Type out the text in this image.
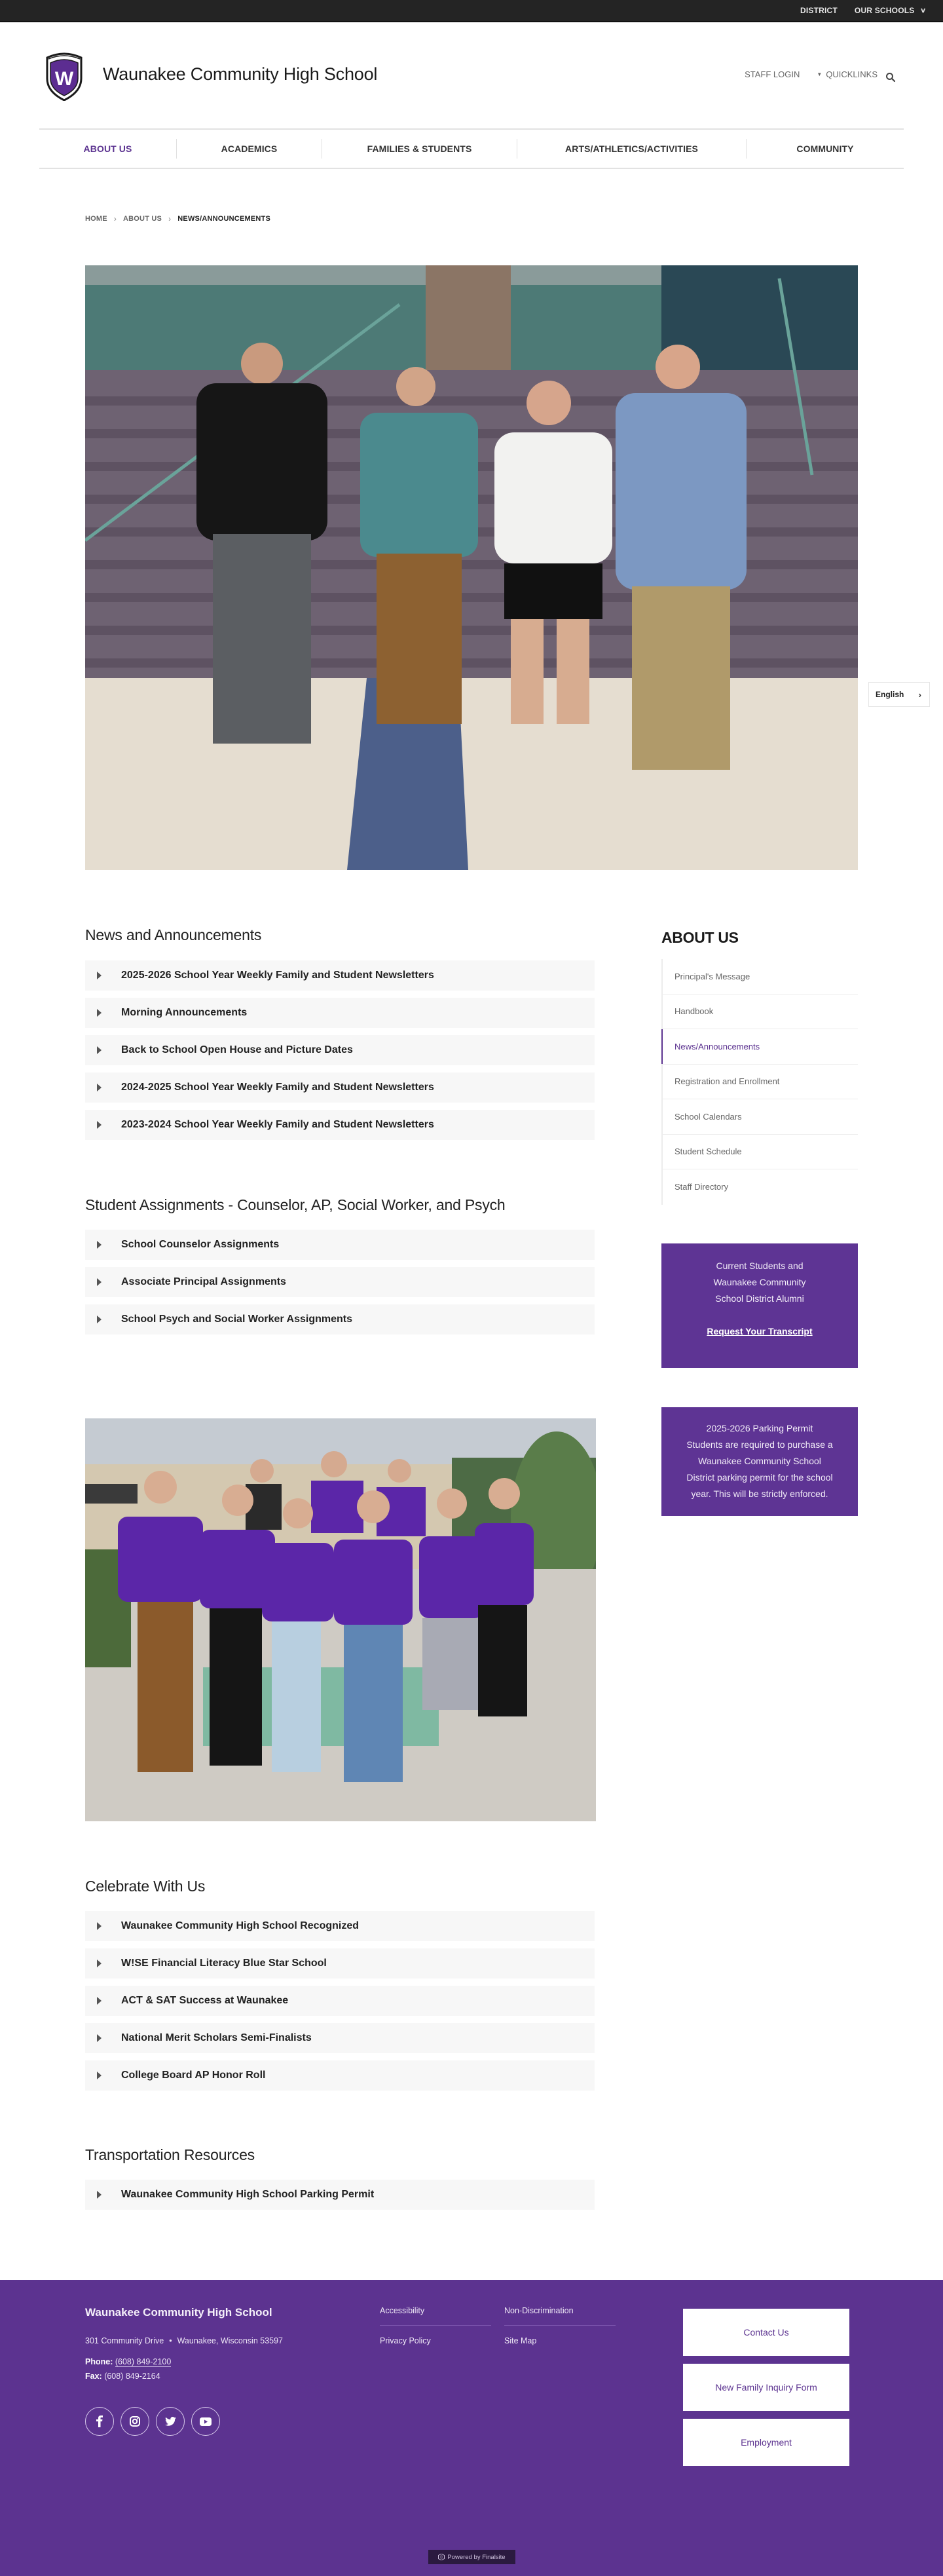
DISTRICT OUR SCHOOLS ∨
W Waunakee Community High School	STAFF LOGIN	▼ QUICKLINKS
ABOUT US	ACADEMICS	FAMILIES & STUDENTS	ARTS/ATHLETICS/ACTIVITIES	COMMUNITY
HOME › ABOUT US › NEWS/ANNOUNCEMENTS
English ›
News and Announcements
2025-2026 School Year Weekly Family and Student Newsletters
Morning Announcements
Back to School Open House and Picture Dates
2024-2025 School Year Weekly Family and Student Newsletters
2023-2024 School Year Weekly Family and Student Newsletters
Student Assignments - Counselor, AP, Social Worker, and Psych
School Counselor Assignments
Associate Principal Assignments
School Psych and Social Worker Assignments
Celebrate With Us
Waunakee Community High School Recognized
W!SE Financial Literacy Blue Star School
ACT & SAT Success at Waunakee
National Merit Scholars Semi-Finalists
College Board AP Honor Roll
Transportation Resources
Waunakee Community High School Parking Permit
ABOUT US
Principal's Message
Handbook
News/Announcements
Registration and Enrollment
School Calendars
Student Schedule
Staff Directory
Current Students and
Waunakee Community
School District Alumni
Request Your Transcript
2025-2026 Parking Permit
Students are required to purchase a
Waunakee Community School
District parking permit for the school
year. This will be strictly enforced.
Waunakee Community High School
301 Community Drive • Waunakee, Wisconsin 53597
Phone: (608) 849-2100
Fax: (608) 849-2164
Accessibility	Non-Discrimination
Privacy Policy	Site Map
Contact Us
New Family Inquiry Form
Employment
Powered by Finalsite
